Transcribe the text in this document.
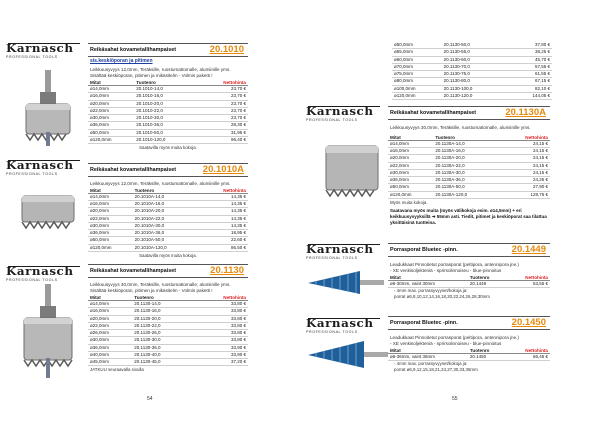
Karnasch
PROFESSIONAL TOOLS
Reikäsahat kovametallihampaiset	20.1010
sis.keskiöporan ja pitimen
Leikkuusyvyys 12,0mm, Teräksille, ruostumattomalle, alumiinille yms.
Sisältää keskiöporan, pitimen ja mikäsitelm - Volmis paketti !
Mitat	Tuotenro	Nettohinta
ø14,0mm	20.1010-14,0	23,70 €
ø16,0mm	20.1010-16,0	23,70 €
ø20,0mm	20.1010-20,0	23,70 €
ø22,0mm	20.1010-22,0	23,70 €
ø30,0mm	20.1010-30,0	23,70 €
ø36,0mm	20.1010-36,0	28,30 €
ø50,0mm	20.1010-50,0	31,95 €
ø120,0mm	20.1010-120,0	96,40 €
Saatavilla myös muita kokoja.
Karnasch
PROFESSIONAL TOOLS
Reikäsahat kovametallihampaiset	20.1010A
Leikkuusyvyys 12,0mm, Teräksille, ruostumattomalle, alumiinille yms.
Mitat	Tuotenro	Nettohinta
ø14,0mm	20.1010A-14,0	14,35 €
ø16,0mm	20.1010A-16,0	14,35 €
ø20,0mm	20.1010A-20,0	14,35 €
ø22,0mm	20.1010A-22,0	14,35 €
ø30,0mm	20.1010A-30,0	14,35 €
ø36,0mm	20.1010A-36,0	18,95 €
ø50,0mm	20.1010A-50,0	22,60 €
ø120,0mm	20.1010A-120,0	86,50 €
Saatavilla myös muita kokoja.
Karnasch
PROFESSIONAL TOOLS
Reikäsahat kovametallihampaiset	20.1130
Leikkuusyvyys 30,0mm, Teräksille, ruostumattomalle, alumiinille yms.
Sisältää keskiöporan, pitimen ja mikäsitelm - Volmis paketti !
Mitat	Tuotenro	Nettohinta
ø14,0mm	20.1130-14,0	33,80 €
ø16,0mm	20.1130-16,0	33,80 €
ø20,0mm	20.1130-20,0	33,80 €
ø22,0mm	20.1130-22,0	33,80 €
ø26,0mm	20.1130-26,0	33,80 €
ø30,0mm	20.1130-30,0	33,80 €
ø36,0mm	20.1130-36,0	33,90 €
ø40,0mm	20.1130-40,0	33,90 €
ø45,0mm	20.1130-45,0	37,20 €
JATKUU seuraavalla sivulla
54
ø50,0mm	20.1130-50,0	37,80 €
ø55,0mm	20.1130-55,0	38,25 €
ø60,0mm	20.1130-60,0	45,70 €
ø70,0mm	20.1130-70,0	57,55 €
ø75,0mm	20.1130-75,0	61,55 €
ø80,0mm	20.1130-80,0	67,15 €
ø100,0mm	20.1130-100,0	82,10 €
ø120,0mm	20.1130-120,0	144,05 €
Karnasch
PROFESSIONAL TOOLS
Reikäsahat kovametallihampaiset	20.1130A
Leikkuusyvyys 30,0mm, Teräksille, ruostumattomalle, alumiinille yms.
Mitat	Tuotenro	Nettohinta
ø14,0mm	20.1130A-14,0	24,15 €
ø16,0mm	20.1130A-16,0	24,15 €
ø20,0mm	20.1130A-20,0	24,15 €
ø22,0mm	20.1130A-22,0	24,15 €
ø30,0mm	20.1130A-30,0	24,15 €
ø36,0mm	20.1130A-36,0	24,25 €
ø50,0mm	20.1130A-50,0	27,90 €
ø120,0mm	20.1130A-120,0	128,75 €
Myös muita kokoja.
Saatavana myös muita (myös välikokoja esim. ø14,5mm) + eri keikkuusyvyyksillä ➜ 55mm asti. Tiedit, pitimet ja keskiöporat saa tilattua yksittäisinä tuotteina.
Karnasch
PROFESSIONAL TOOLS
Porrasporat Bluetec -pinn.	20.1449
Leadukkaat Pinnoitetut porrasporat (peltipora, antennipora jne.)
- XE venkisoljekteniä - sprirsolinnoiseu - blue-pinnoitus
Mitat	Tuotenro	Nettohinta
ø6-30mm, vaint 30mm	20.1449	53,55 €
- 4mm max. porrassyvyyset/kokoja ja:
porrat ø6,8,10,12,14,16,18,20,22,24,26,28,30mm
Karnasch
PROFESSIONAL TOOLS
Porrasporat Bluetec -pinn.	20.1450
Leadukkaat Pinnoitetut porrasporat (peltipora, antennipora jne.)
- XE venkisoljekteniä - sprirsolinnoiseu - blue-pinnoitus
Mitat	Tuotenro	Nettohinta
ø6-36mm, vaint 36mm	20.1450	66,45 €
- 4mm max. porrassyvyyset/kokoja ja:
porrat ø6,9,12,15,18,21,24,27,30,33,36mm
55
